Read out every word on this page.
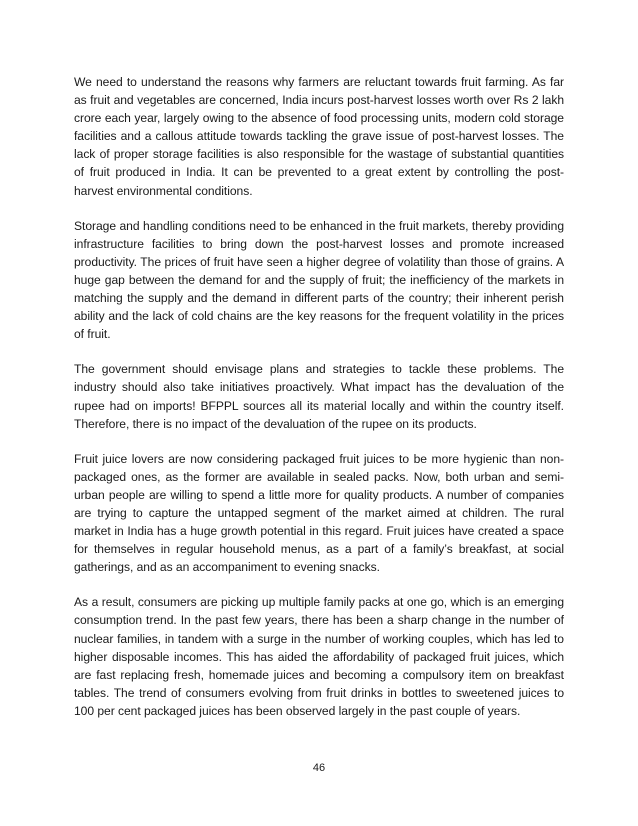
We need to understand the reasons why farmers are reluctant towards fruit farming. As far as fruit and vegetables are concerned, India incurs post-harvest losses worth over Rs 2 lakh crore each year, largely owing to the absence of food processing units, modern cold storage facilities and a callous attitude towards tackling the grave issue of post-harvest losses. The lack of proper storage facilities is also responsible for the wastage of substantial quantities of fruit produced in India. It can be prevented to a great extent by controlling the post-harvest environmental conditions.

Storage and handling conditions need to be enhanced in the fruit markets, thereby providing infrastructure facilities to bring down the post-harvest losses and promote increased productivity. The prices of fruit have seen a higher degree of volatility than those of grains. A huge gap between the demand for and the supply of fruit; the inefficiency of the markets in matching the supply and the demand in different parts of the country; their inherent perish ability and the lack of cold chains are the key reasons for the frequent volatility in the prices of fruit.

The government should envisage plans and strategies to tackle these problems. The industry should also take initiatives proactively. What impact has the devaluation of the rupee had on imports! BFPPL sources all its material locally and within the country itself. Therefore, there is no impact of the devaluation of the rupee on its products.

Fruit juice lovers are now considering packaged fruit juices to be more hygienic than non-packaged ones, as the former are available in sealed packs. Now, both urban and semi-urban people are willing to spend a little more for quality products. A number of companies are trying to capture the untapped segment of the market aimed at children. The rural market in India has a huge growth potential in this regard. Fruit juices have created a space for themselves in regular household menus, as a part of a family’s breakfast, at social gatherings, and as an accompaniment to evening snacks.

As a result, consumers are picking up multiple family packs at one go, which is an emerging consumption trend. In the past few years, there has been a sharp change in the number of nuclear families, in tandem with a surge in the number of working couples, which has led to higher disposable incomes. This has aided the affordability of packaged fruit juices, which are fast replacing fresh, homemade juices and becoming a compulsory item on breakfast tables. The trend of consumers evolving from fruit drinks in bottles to sweetened juices to 100 per cent packaged juices has been observed largely in the past couple of years.

46
